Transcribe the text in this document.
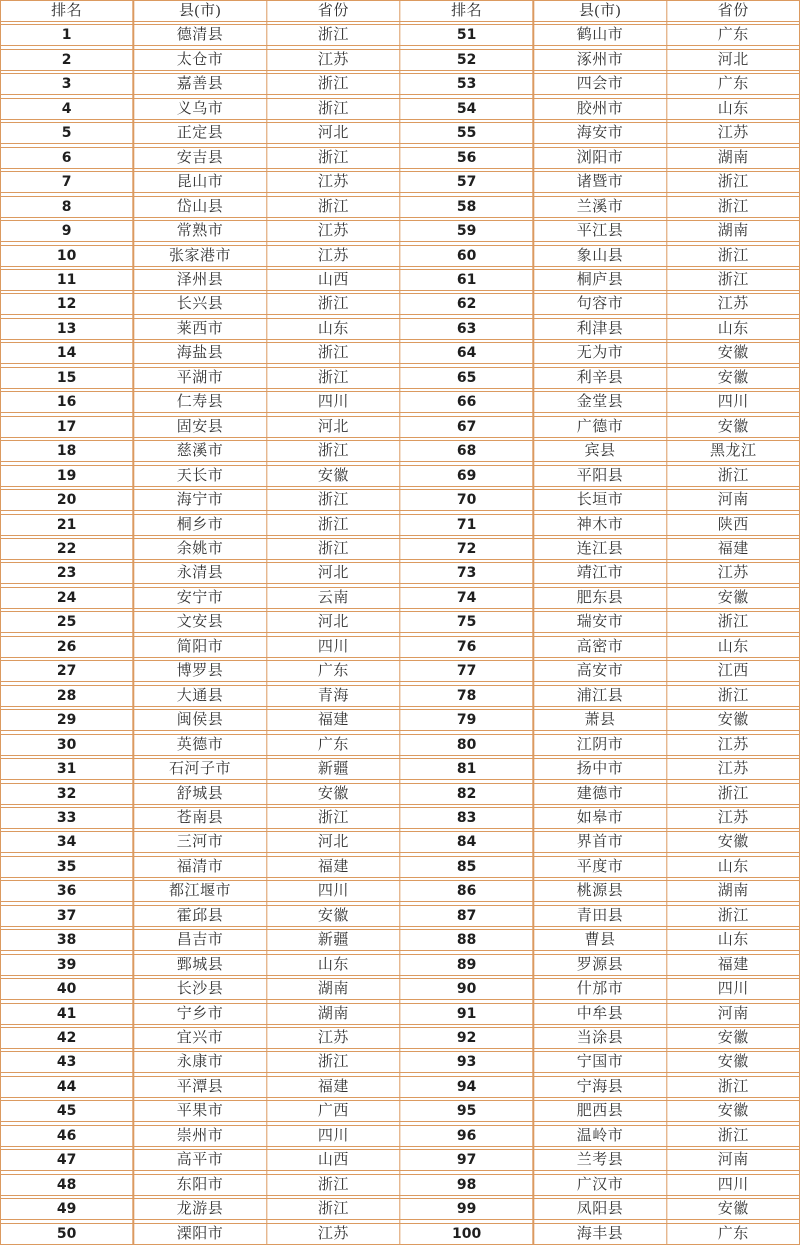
排名	县(市)	省份	排名	县(市)	省份
1	德清县	浙江	51	鹤山市	广东
2	太仓市	江苏	52	涿州市	河北
3	嘉善县	浙江	53	四会市	广东
4	义乌市	浙江	54	胶州市	山东
5	正定县	河北	55	海安市	江苏
6	安吉县	浙江	56	浏阳市	湖南
7	昆山市	江苏	57	诸暨市	浙江
8	岱山县	浙江	58	兰溪市	浙江
9	常熟市	江苏	59	平江县	湖南
10	张家港市	江苏	60	象山县	浙江
11	泽州县	山西	61	桐庐县	浙江
12	长兴县	浙江	62	句容市	江苏
13	莱西市	山东	63	利津县	山东
14	海盐县	浙江	64	无为市	安徽
15	平湖市	浙江	65	利辛县	安徽
16	仁寿县	四川	66	金堂县	四川
17	固安县	河北	67	广德市	安徽
18	慈溪市	浙江	68	宾县	黑龙江
19	天长市	安徽	69	平阳县	浙江
20	海宁市	浙江	70	长垣市	河南
21	桐乡市	浙江	71	神木市	陕西
22	余姚市	浙江	72	连江县	福建
23	永清县	河北	73	靖江市	江苏
24	安宁市	云南	74	肥东县	安徽
25	文安县	河北	75	瑞安市	浙江
26	简阳市	四川	76	高密市	山东
27	博罗县	广东	77	高安市	江西
28	大通县	青海	78	浦江县	浙江
29	闽侯县	福建	79	萧县	安徽
30	英德市	广东	80	江阴市	江苏
31	石河子市	新疆	81	扬中市	江苏
32	舒城县	安徽	82	建德市	浙江
33	苍南县	浙江	83	如皋市	江苏
34	三河市	河北	84	界首市	安徽
35	福清市	福建	85	平度市	山东
36	都江堰市	四川	86	桃源县	湖南
37	霍邱县	安徽	87	青田县	浙江
38	昌吉市	新疆	88	曹县	山东
39	鄄城县	山东	89	罗源县	福建
40	长沙县	湖南	90	什邡市	四川
41	宁乡市	湖南	91	中牟县	河南
42	宜兴市	江苏	92	当涂县	安徽
43	永康市	浙江	93	宁国市	安徽
44	平潭县	福建	94	宁海县	浙江
45	平果市	广西	95	肥西县	安徽
46	崇州市	四川	96	温岭市	浙江
47	高平市	山西	97	兰考县	河南
48	东阳市	浙江	98	广汉市	四川
49	龙游县	浙江	99	凤阳县	安徽
50	溧阳市	江苏	100	海丰县	广东
